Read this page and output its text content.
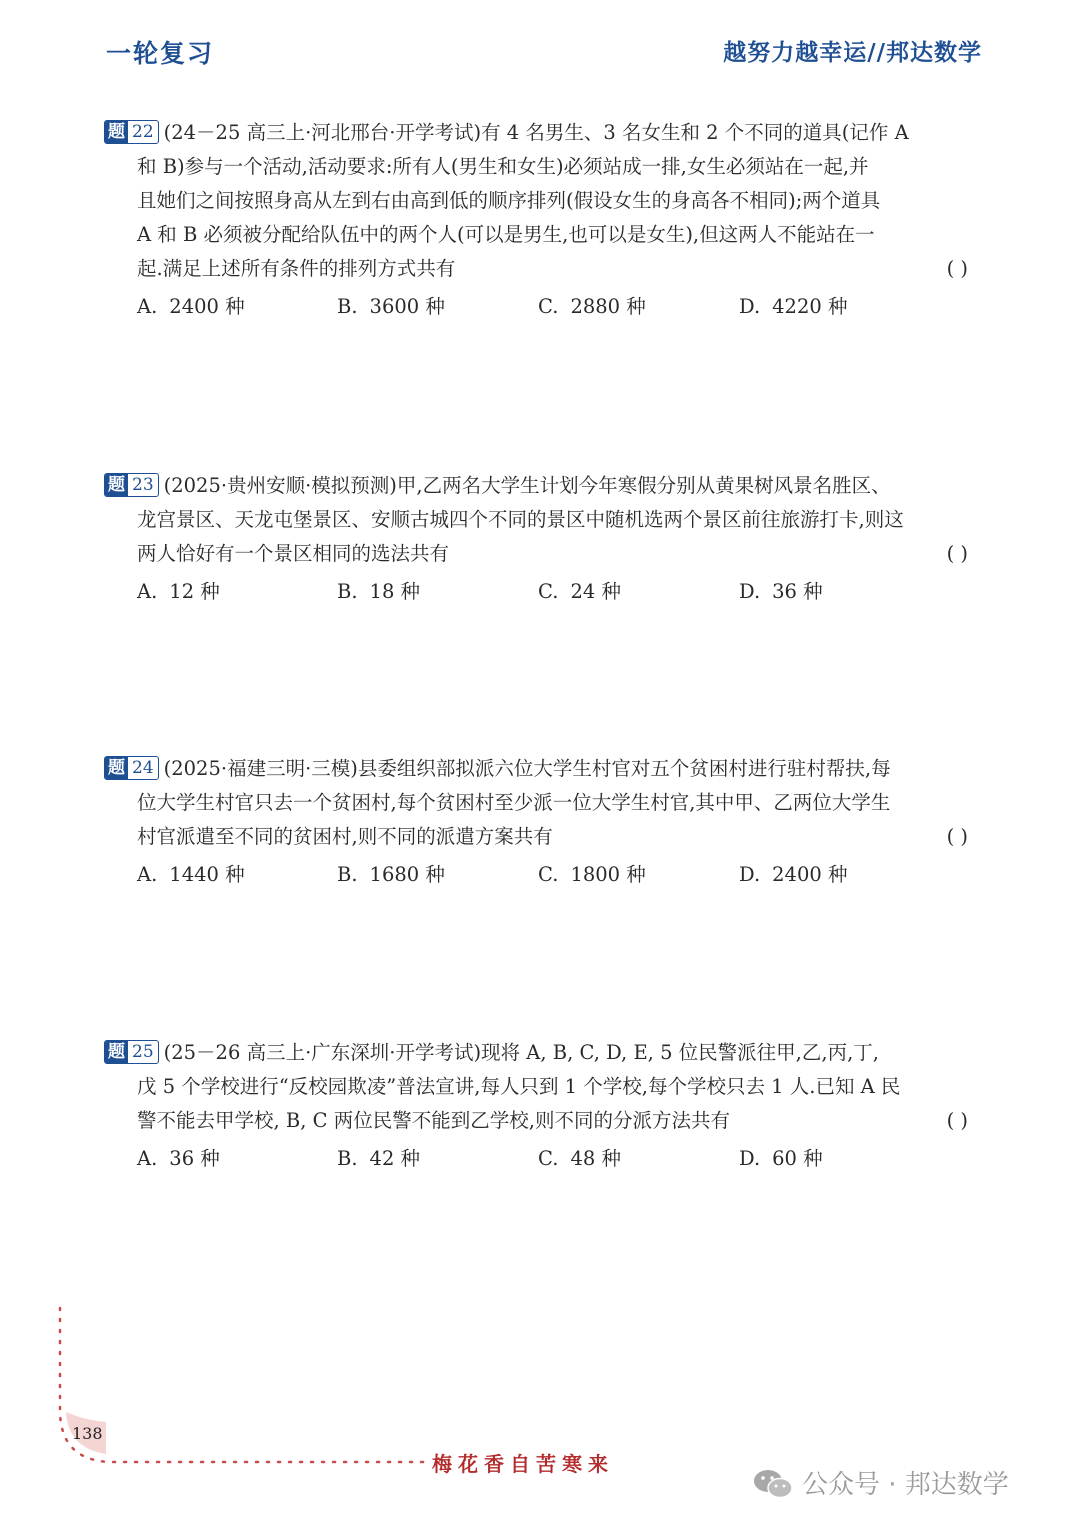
一轮复习	越努力越幸运//邦达数学
题 22 (24－25 高三上·河北邢台·开学考试)有 4 名男生、3 名女生和 2 个不同的道具(记作 A
和 B)参与一个活动,活动要求:所有人(男生和女生)必须站成一排,女生必须站在一起,并
且她们之间按照身高从左到右由高到低的顺序排列(假设女生的身高各不相同);两个道具
A 和 B 必须被分配给队伍中的两个人(可以是男生,也可以是女生),但这两人不能站在一
起.满足上述所有条件的排列方式共有	( )
A. 2400 种	B. 3600 种	C. 2880 种	D. 4220 种
题 23 (2025·贵州安顺·模拟预测)甲,乙两名大学生计划今年寒假分别从黄果树风景名胜区、
龙宫景区、天龙屯堡景区、安顺古城四个不同的景区中随机选两个景区前往旅游打卡,则这
两人恰好有一个景区相同的选法共有	( )
A. 12 种	B. 18 种	C. 24 种	D. 36 种
题 24 (2025·福建三明·三模)县委组织部拟派六位大学生村官对五个贫困村进行驻村帮扶,每
位大学生村官只去一个贫困村,每个贫困村至少派一位大学生村官,其中甲、乙两位大学生
村官派遣至不同的贫困村,则不同的派遣方案共有	( )
A. 1440 种	B. 1680 种	C. 1800 种	D. 2400 种
题 25 (25－26 高三上·广东深圳·开学考试)现将 A, B, C, D, E, 5 位民警派往甲,乙,丙,丁,
戊 5 个学校进行“反校园欺凌”普法宣讲,每人只到 1 个学校,每个学校只去 1 人.已知 A 民
警不能去甲学校, B, C 两位民警不能到乙学校,则不同的分派方法共有	( )
A. 36 种	B. 42 种	C. 48 种	D. 60 种
138
梅花香自苦寒来
公众号 · 邦达数学
